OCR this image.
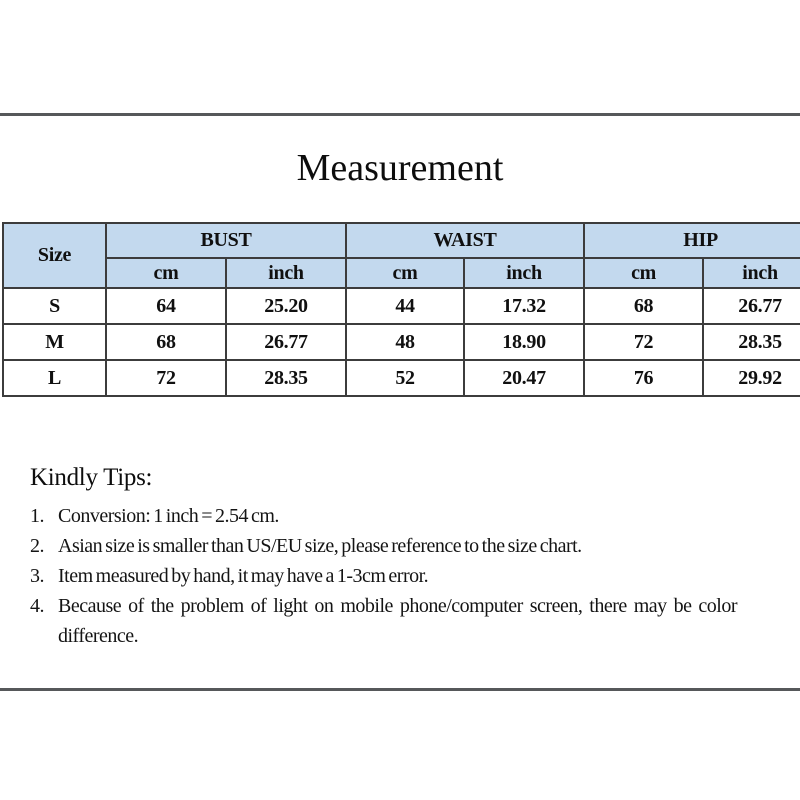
Measurement
Size	BUST		WAIST		HIP	
	cm	inch	cm	inch	cm	inch
S	64	25.20	44	17.32	68	26.77
M	68	26.77	48	18.90	72	28.35
L	72	28.35	52	20.47	76	29.92
Kindly Tips:
1. Conversion: 1 inch = 2.54 cm.
2. Asian size is smaller than US/EU size, please reference to the size chart.
3. Item measured by hand, it may have a 1-3cm error.
4. Because of the problem of light on mobile phone/computer screen, there may be color difference.
